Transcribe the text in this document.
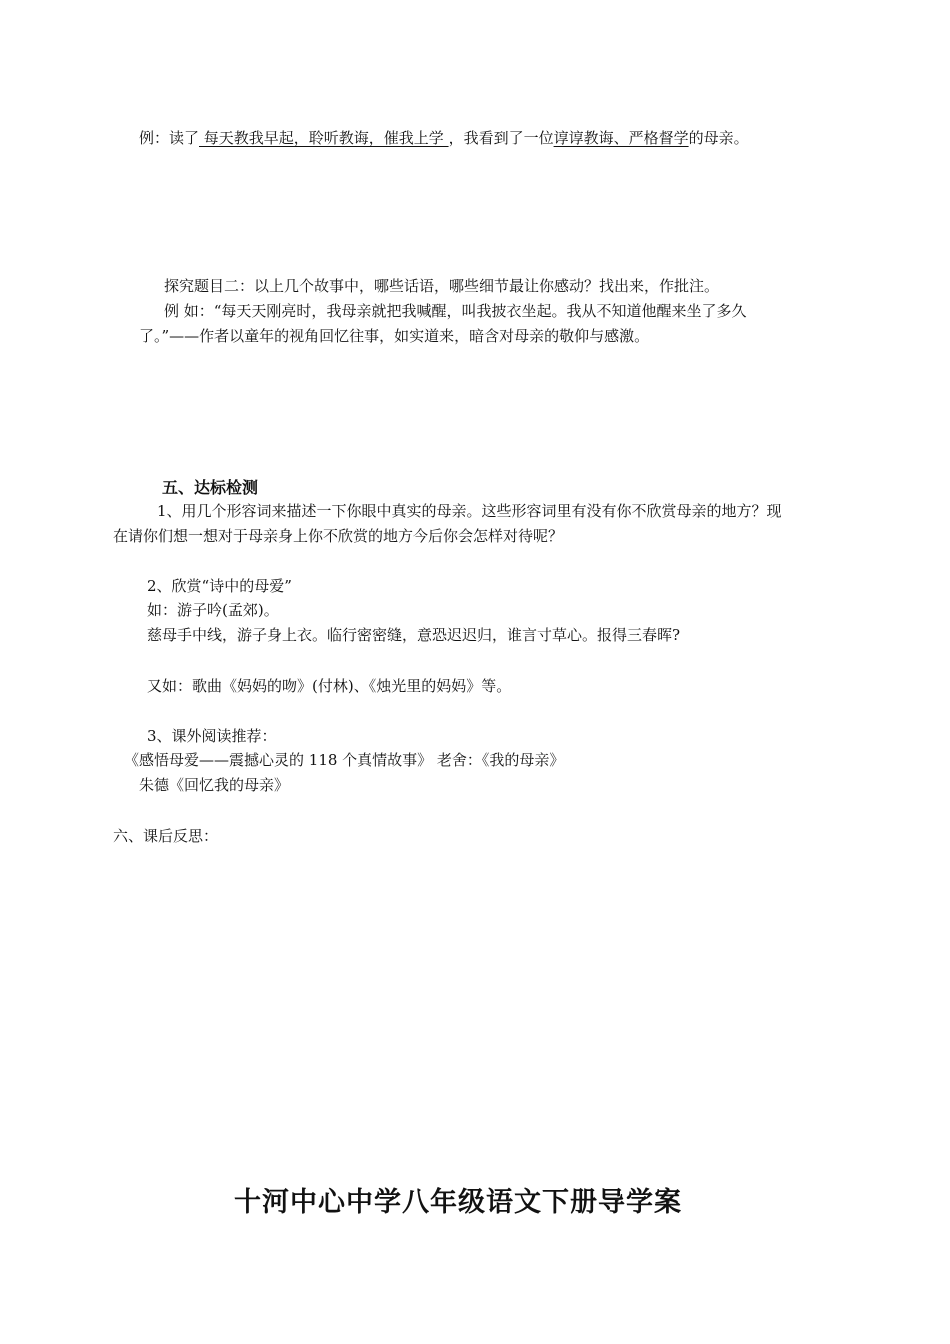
例：读了 每天教我早起，聆听教诲，催我上学 ，我看到了一位谆谆教诲、严格督学的母亲。
探究题目二：以上几个故事中，哪些话语，哪些细节最让你感动？找出来，作批注。
例 如：“每天天刚亮时，我母亲就把我喊醒，叫我披衣坐起。我从不知道他醒来坐了多久
了。”——作者以童年的视角回忆往事，如实道来，暗含对母亲的敬仰与感激。
五、达标检测
1、用几个形容词来描述一下你眼中真实的母亲。这些形容词里有没有你不欣赏母亲的地方？现
在请你们想一想对于母亲身上你不欣赏的地方今后你会怎样对待呢？
2、欣赏“诗中的母爱”
如：游子吟(孟郊)。
慈母手中线，游子身上衣。临行密密缝，意恐迟迟归，谁言寸草心。报得三春晖?
又如：歌曲《妈妈的吻》(付林)、《烛光里的妈妈》等。
3、课外阅读推荐：
《感悟母爱——震撼心灵的 118 个真情故事》 老舍：《我的母亲》
朱德《回忆我的母亲》
六、课后反思：
十河中心中学八年级语文下册导学案
